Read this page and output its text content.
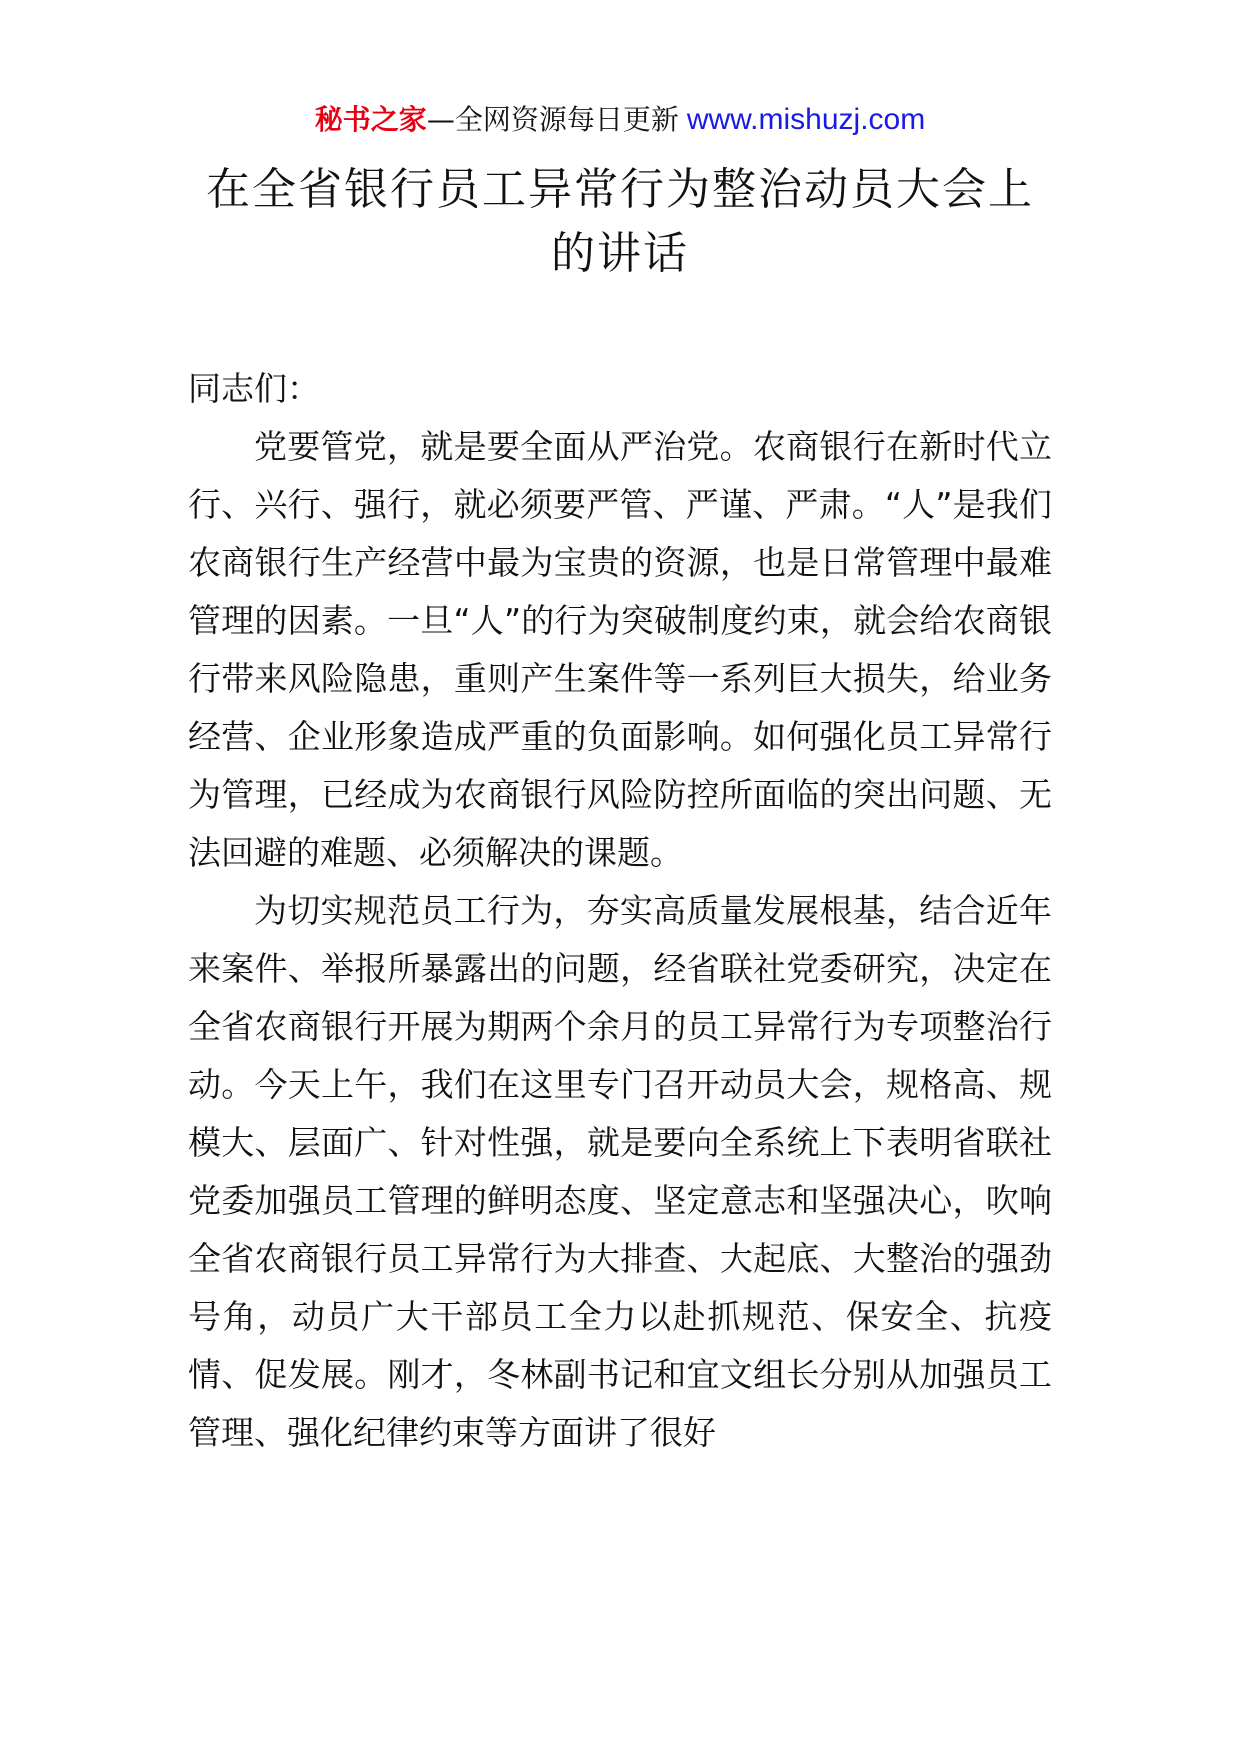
秘书之家—全网资源每日更新 www.mishuzj.com
在全省银行员工异常行为整治动员大会上
的讲话

同志们：

党要管党，就是要全面从严治党。农商银行在新时代立行、兴行、强行，就必须要严管、严谨、严肃。“人”是我们农商银行生产经营中最为宝贵的资源，也是日常管理中最难管理的因素。一旦“人”的行为突破制度约束，就会给农商银行带来风险隐患，重则产生案件等一系列巨大损失，给业务经营、企业形象造成严重的负面影响。如何强化员工异常行为管理，已经成为农商银行风险防控所面临的突出问题、无法回避的难题、必须解决的课题。

为切实规范员工行为，夯实高质量发展根基，结合近年来案件、举报所暴露出的问题，经省联社党委研究，决定在全省农商银行开展为期两个余月的员工异常行为专项整治行动。今天上午，我们在这里专门召开动员大会，规格高、规模大、层面广、针对性强，就是要向全系统上下表明省联社党委加强员工管理的鲜明态度、坚定意志和坚强决心，吹响全省农商银行员工异常行为大排查、大起底、大整治的强劲号角，动员广大干部员工全力以赴抓规范、保安全、抗疫情、促发展。刚才，冬林副书记和宜文组长分别从加强员工管理、强化纪律约束等方面讲了很好
